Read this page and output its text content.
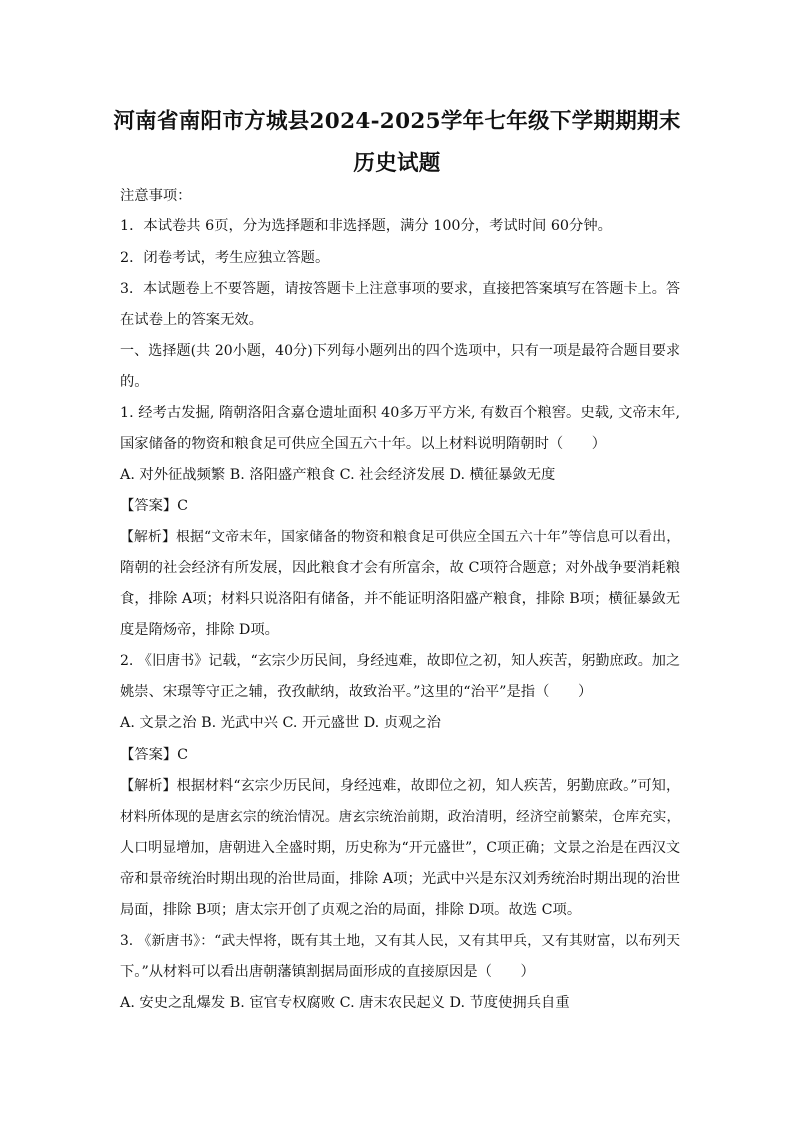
河南省南阳市方城县2024-2025学年七年级下学期期期末
历史试题
注意事项：
1．本试卷共 6页，分为选择题和非选择题，满分 100分，考试时间 60分钟。
2．闭卷考试，考生应独立答题。
3．本试题卷上不要答题，请按答题卡上注意事项的要求，直接把答案填写在答题卡上。答
在试卷上的答案无效。
一、选择题(共 20小题，40分)下列每小题列出的四个选项中，只有一项是最符合题目要求
的。
1. 经考古发掘, 隋朝洛阳含嘉仓遗址面积 40多万平方米, 有数百个粮窖。史载, 文帝末年,
国家储备的物资和粮食足可供应全国五六十年。以上材料说明隋朝时（　　）
A. 对外征战频繁 B. 洛阳盛产粮食 C. 社会经济发展 D. 横征暴敛无度
【答案】C
【解析】根据“文帝末年，国家储备的物资和粮食足可供应全国五六十年”等信息可以看出，
隋朝的社会经济有所发展，因此粮食才会有所富余，故 C项符合题意；对外战争要消耗粮
食，排除 A项；材料只说洛阳有储备，并不能证明洛阳盛产粮食，排除 B项；横征暴敛无
度是隋炀帝，排除 D项。
2. 《旧唐书》记载，“玄宗少历民间，身经迍难，故即位之初，知人疾苦，躬勤庶政。加之
姚崇、宋璟等守正之辅，孜孜献纳，故致治平。”这里的“治平”是指（　　）
A. 文景之治 B. 光武中兴 C. 开元盛世 D. 贞观之治
【答案】C
【解析】根据材料“玄宗少历民间，身经迍难，故即位之初，知人疾苦，躬勤庶政。”可知，
材料所体现的是唐玄宗的统治情况。唐玄宗统治前期，政治清明，经济空前繁荣，仓库充实，
人口明显增加，唐朝进入全盛时期，历史称为“开元盛世”，C项正确；文景之治是在西汉文
帝和景帝统治时期出现的治世局面，排除 A项；光武中兴是东汉刘秀统治时期出现的治世
局面，排除 B项；唐太宗开创了贞观之治的局面，排除 D项。故选 C项。
3. 《新唐书》：“武夫悍将，既有其土地，又有其人民，又有其甲兵，又有其财富，以布列天
下。”从材料可以看出唐朝藩镇割据局面形成的直接原因是（　　）
A. 安史之乱爆发 B. 宦官专权腐败 C. 唐末农民起义 D. 节度使拥兵自重
